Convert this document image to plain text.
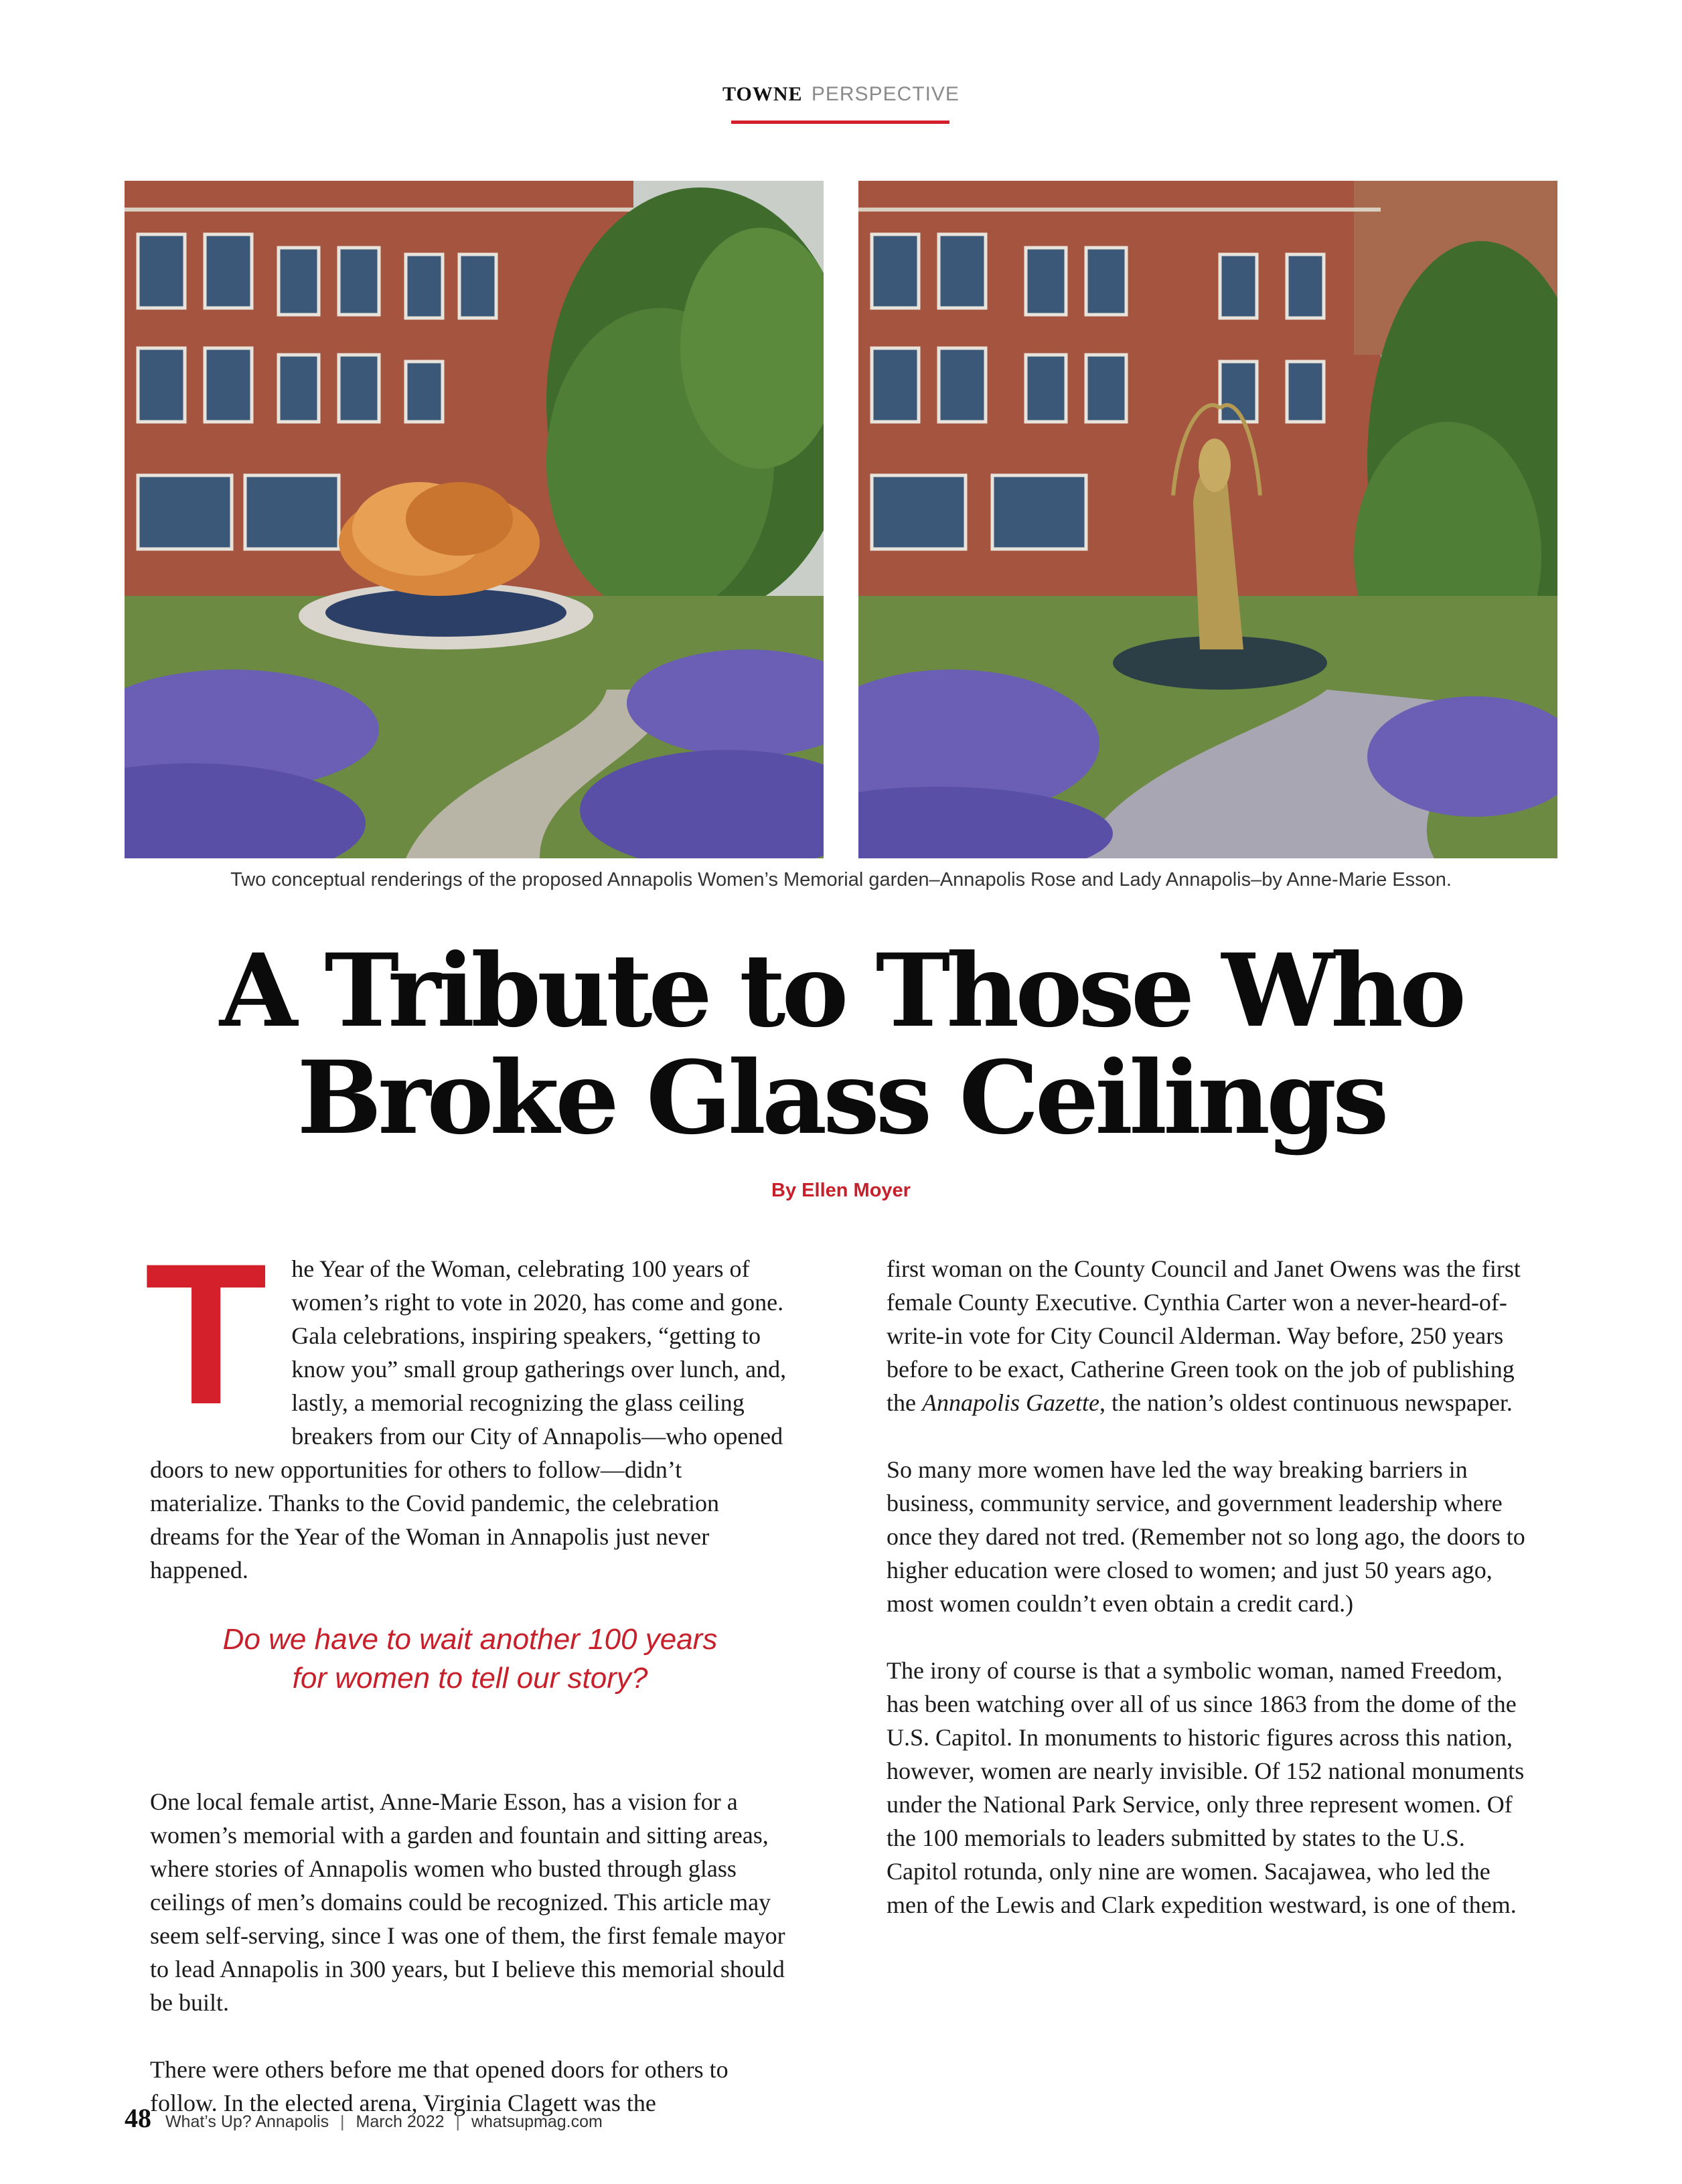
TOWNE PERSPECTIVE
Two conceptual renderings of the proposed Annapolis Women’s Memorial garden–Annapolis Rose and Lady Annapolis–by Anne-Marie Esson.
A Tribute to Those Who
Broke Glass Ceilings
By Ellen Moyer

T he Year of the Woman, celebrating 100 years of women’s right to vote in 2020, has come and gone. Gala celebrations, inspiring speakers, “getting to know you” small group gatherings over lunch, and, lastly, a memorial recognizing the glass ceiling breakers from our City of Annapolis—who opened doors to new opportunities for others to follow—didn’t materialize. Thanks to the Covid pandemic, the celebration dreams for the Year of the Woman in Annapolis just never happened.

One local female artist, Anne-Marie Esson, has a vision for a women’s memorial with a garden and fountain and sitting areas, where stories of Annapolis women who busted through glass ceilings of men’s domains could be recognized. This article may seem self-serving, since I was one of them, the first female mayor to lead Annapolis in 300 years, but I believe this memorial should be built.

There were others before me that opened doors for others to follow. In the elected arena, Virginia Clagett was the

Do we have to wait another 100 years
for women to tell our story?

first woman on the County Council and Janet Owens was the first female County Executive. Cynthia Carter won a never-heard-of-write-in vote for City Council Alderman. Way before, 250 years before to be exact, Catherine Green took on the job of publishing the Annapolis Gazette, the nation’s oldest continuous newspaper.

So many more women have led the way breaking barriers in business, community service, and government leadership where once they dared not tred. (Remember not so long ago, the doors to higher education were closed to women; and just 50 years ago, most women couldn’t even obtain a credit card.)

The irony of course is that a symbolic woman, named Freedom, has been watching over all of us since 1863 from the dome of the U.S. Capitol. In monuments to historic figures across this nation, however, women are nearly invisible. Of 152 national monuments under the National Park Service, only three represent women. Of the 100 memorials to leaders submitted by states to the U.S. Capitol rotunda, only nine are women. Sacajawea, who led the men of the Lewis and Clark expedition westward, is one of them.

48 What’s Up? Annapolis | March 2022 | whatsupmag.com
